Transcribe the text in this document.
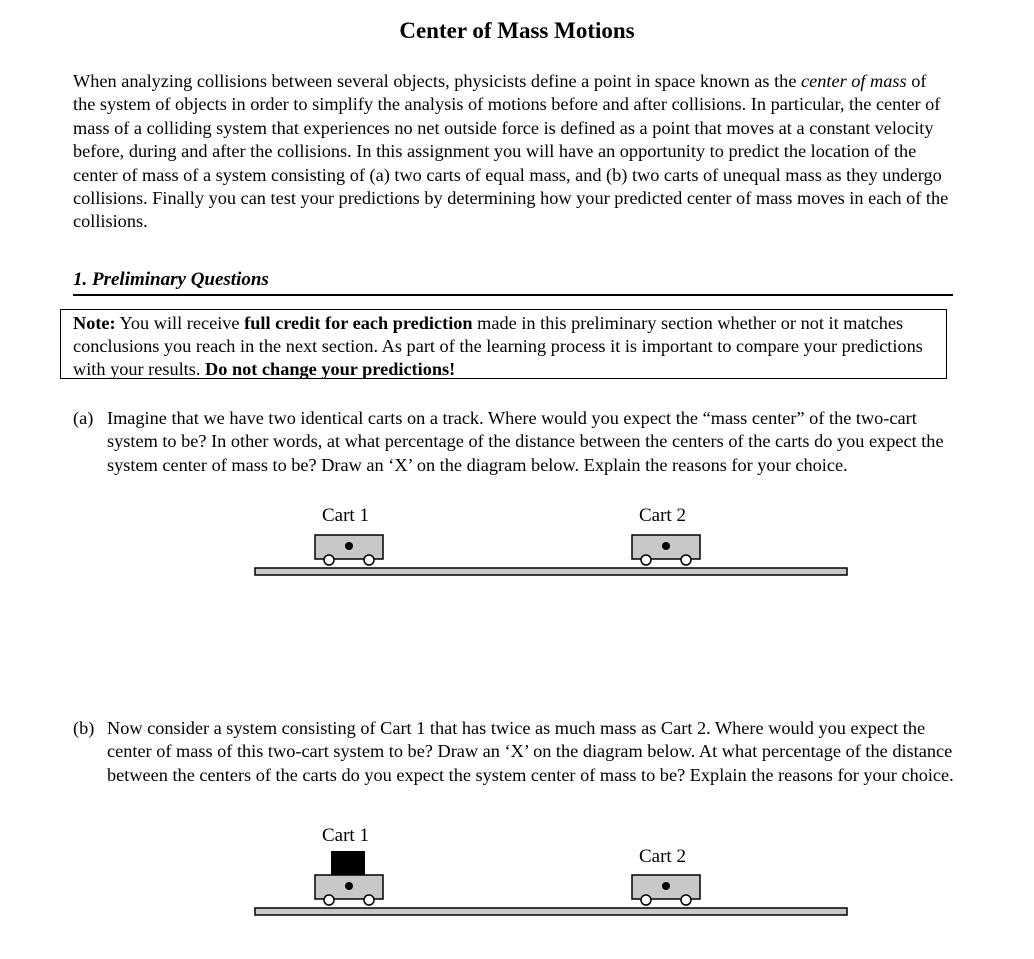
Center of Mass Motions
When analyzing collisions between several objects, physicists define a point in space known as the center of mass of the system of objects in order to simplify the analysis of motions before and after collisions. In particular, the center of mass of a colliding system that experiences no net outside force is defined as a point that moves at a constant velocity before, during and after the collisions. In this assignment you will have an opportunity to predict the location of the center of mass of a system consisting of (a) two carts of equal mass, and (b) two carts of unequal mass as they undergo collisions. Finally you can test your predictions by determining how your predicted center of mass moves in each of the collisions.
1. Preliminary Questions
Note: You will receive full credit for each prediction made in this preliminary section whether or not it matches conclusions you reach in the next section. As part of the learning process it is important to compare your predictions with your results. Do not change your predictions!
(a) Imagine that we have two identical carts on a track. Where would you expect the “mass center” of the two-cart system to be? In other words, at what percentage of the distance between the centers of the carts do you expect the system center of mass to be? Draw an ‘X’ on the diagram below. Explain the reasons for your choice.
Cart 1	Cart 2
(b) Now consider a system consisting of Cart 1 that has twice as much mass as Cart 2. Where would you expect the center of mass of this two-cart system to be? Draw an ‘X’ on the diagram below. At what percentage of the distance between the centers of the carts do you expect the system center of mass to be? Explain the reasons for your choice.
Cart 1
Cart 2
